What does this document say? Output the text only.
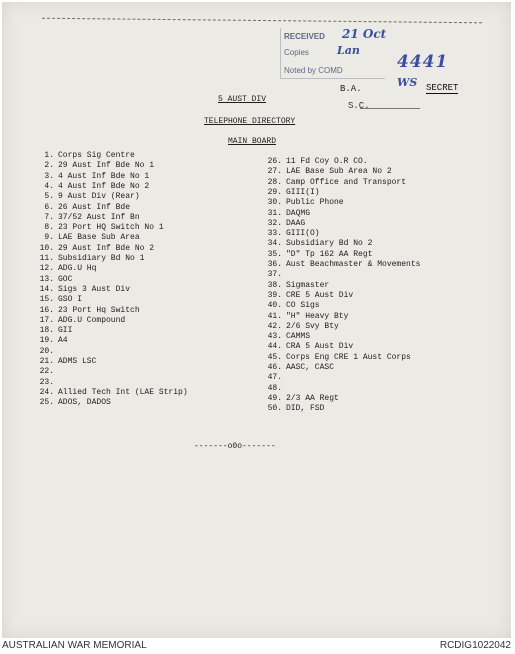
RECEIVED
Copies
Noted by COMD
21 Oct
Lan
4441
WS
B.A.	SECRET
S.C.
5 AUST DIV
TELEPHONE DIRECTORY
MAIN BOARD
1. Corps Sig Centre
2. 29 Aust Inf Bde No 1
3. 4 Aust Inf Bde No 1
4. 4 Aust Inf Bde No 2
5. 9 Aust Div (Rear)
6. 26 Aust Inf Bde
7. 37/52 Aust Inf Bn
8. 23 Port HQ Switch No 1
9. LAE Base Sub Area
10. 29 Aust Inf Bde No 2
11. Subsidiary Bd No 1
12. ADG.U Hq
13. GOC
14. Sigs 3 Aust Div
15. GSO I
16. 23 Port Hq Switch
17. ADG.U Compound
18. GII
19. A4
20.
21. ADMS LSC
22.
23.
24. Allied Tech Int (LAE Strip)
25. ADOS, DADOS
26. 11 Fd Coy O.R CO.
27. LAE Base Sub Area No 2
28. Camp Office and Transport
29. GIII(I)
30. Public Phone
31. DAQMG
32. DAAG
33. GIII(O)
34. Subsidiary Bd No 2
35. "D" Tp 162 AA Regt
36. Aust Beachmaster & Movements
37.
38. Sigmaster
39. CRE 5 Aust Div
40. CO Sigs
41. "H" Heavy Bty
42. 2/6 Svy Bty
43. CAMMS
44. CRA 5 Aust Div
45. Corps Eng CRE 1 Aust Corps
46. AASC, CASC
47.
48.
49. 2/3 AA Regt
50. DID, FSD
-------o0o-------
AUSTRALIAN WAR MEMORIAL	RCDIG1022042
